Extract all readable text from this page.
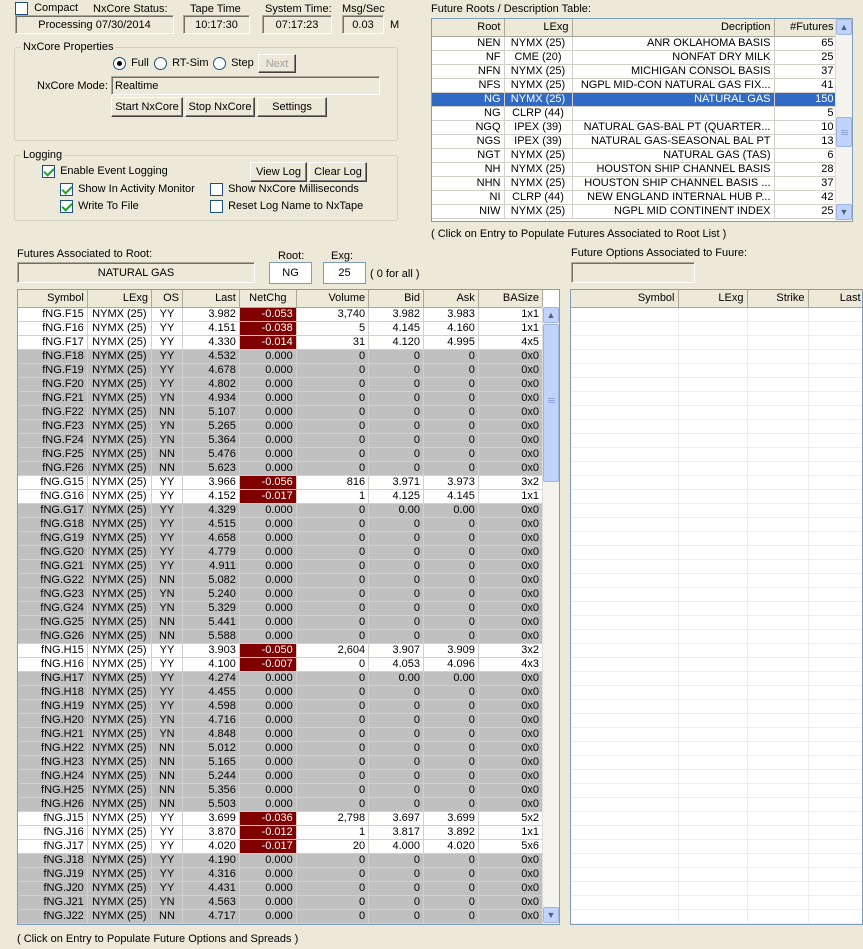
Compact NxCore Status:
Processing 07/30/2014
Tape Time
10:17:30
System Time:
07:17:23
Msg/Sec
0.03	M
NxCore Properties
Full	RT-Sim	Step	Next
NxCore Mode: Realtime
Start NxCore Stop NxCore	Settings
Logging
Enable Event Logging	View Log	Clear Log
Show In Activity Monitor	Show NxCore Milliseconds
Write To File	Reset Log Name to NxTape
Future Roots / Description Table:
Root	LExg	Decription	#Futures
NEN	NYMX (25)	ANR OKLAHOMA BASIS	65
NF	CME (20)	NONFAT DRY MILK	25
NFN	NYMX (25)	MICHIGAN CONSOL BASIS	37
NFS	NYMX (25)	NGPL MID-CON NATURAL GAS FIX...	41
NG	NYMX (25)	NATURAL GAS	150
NG	CLRP (44)		5
NGQ	IPEX (39)	NATURAL GAS-BAL PT (QUARTER...	10
NGS	IPEX (39)	NATURAL GAS-SEASONAL BAL PT	13
NGT	NYMX (25)	NATURAL GAS (TAS)	6
NH	NYMX (25)	HOUSTON SHIP CHANNEL BASIS	28
NHN	NYMX (25)	HOUSTON SHIP CHANNEL BASIS ...	37
NI	CLRP (44)	NEW ENGLAND INTERNAL HUB P...	42
NIW	NYMX (25)	NGPL MID CONTINENT INDEX	25
▲
▼
( Click on Entry to Populate Futures Associated to Root List )
Futures Associated to Root:
NATURAL GAS
Root:
NG
Exg:
25	( 0 for all )
Future Options Associated to Fuure:
Symbol	LExg	Strike	Last

Symbol	LExg	OS	Last	NetChg	Volume	Bid	Ask	BASize
fNG.F15	NYMX (25)	YY	3.982	-0.053	3,740	3.982	3.983	1x1
fNG.F16	NYMX (25)	YY	4.151	-0.038	5	4.145	4.160	1x1
fNG.F17	NYMX (25)	YY	4.330	-0.014	31	4.120	4.995	4x5
fNG.F18	NYMX (25)	YY	4.532	0.000	0	0	0	0x0
fNG.F19	NYMX (25)	YY	4.678	0.000	0	0	0	0x0
fNG.F20	NYMX (25)	YY	4.802	0.000	0	0	0	0x0
fNG.F21	NYMX (25)	YN	4.934	0.000	0	0	0	0x0
fNG.F22	NYMX (25)	NN	5.107	0.000	0	0	0	0x0
fNG.F23	NYMX (25)	YN	5.265	0.000	0	0	0	0x0
fNG.F24	NYMX (25)	YN	5.364	0.000	0	0	0	0x0
fNG.F25	NYMX (25)	NN	5.476	0.000	0	0	0	0x0
fNG.F26	NYMX (25)	NN	5.623	0.000	0	0	0	0x0
fNG.G15	NYMX (25)	YY	3.966	-0.056	816	3.971	3.973	3x2
fNG.G16	NYMX (25)	YY	4.152	-0.017	1	4.125	4.145	1x1
fNG.G17	NYMX (25)	YY	4.329	0.000	0	0.00	0.00	0x0
fNG.G18	NYMX (25)	YY	4.515	0.000	0	0	0	0x0
fNG.G19	NYMX (25)	YY	4.658	0.000	0	0	0	0x0
fNG.G20	NYMX (25)	YY	4.779	0.000	0	0	0	0x0
fNG.G21	NYMX (25)	YY	4.911	0.000	0	0	0	0x0
fNG.G22	NYMX (25)	NN	5.082	0.000	0	0	0	0x0
fNG.G23	NYMX (25)	YN	5.240	0.000	0	0	0	0x0
fNG.G24	NYMX (25)	YN	5.329	0.000	0	0	0	0x0
fNG.G25	NYMX (25)	NN	5.441	0.000	0	0	0	0x0
fNG.G26	NYMX (25)	NN	5.588	0.000	0	0	0	0x0
fNG.H15	NYMX (25)	YY	3.903	-0.050	2,604	3.907	3.909	3x2
fNG.H16	NYMX (25)	YY	4.100	-0.007	0	4.053	4.096	4x3
fNG.H17	NYMX (25)	YY	4.274	0.000	0	0.00	0.00	0x0
fNG.H18	NYMX (25)	YY	4.455	0.000	0	0	0	0x0
fNG.H19	NYMX (25)	YY	4.598	0.000	0	0	0	0x0
fNG.H20	NYMX (25)	YN	4.716	0.000	0	0	0	0x0
fNG.H21	NYMX (25)	YN	4.848	0.000	0	0	0	0x0
fNG.H22	NYMX (25)	NN	5.012	0.000	0	0	0	0x0
fNG.H23	NYMX (25)	NN	5.165	0.000	0	0	0	0x0
fNG.H24	NYMX (25)	NN	5.244	0.000	0	0	0	0x0
fNG.H25	NYMX (25)	NN	5.356	0.000	0	0	0	0x0
fNG.H26	NYMX (25)	NN	5.503	0.000	0	0	0	0x0
fNG.J15	NYMX (25)	YY	3.699	-0.036	2,798	3.697	3.699	5x2
fNG.J16	NYMX (25)	YY	3.870	-0.012	1	3.817	3.892	1x1
fNG.J17	NYMX (25)	YY	4.020	-0.017	20	4.000	4.020	5x6
fNG.J18	NYMX (25)	YY	4.190	0.000	0	0	0	0x0
fNG.J19	NYMX (25)	YY	4.316	0.000	0	0	0	0x0
fNG.J20	NYMX (25)	YY	4.431	0.000	0	0	0	0x0
fNG.J21	NYMX (25)	YN	4.563	0.000	0	0	0	0x0
fNG.J22	NYMX (25)	NN	4.717	0.000	0	0	0	0x0
▲
▼
( Click on Entry to Populate Future Options and Spreads )
